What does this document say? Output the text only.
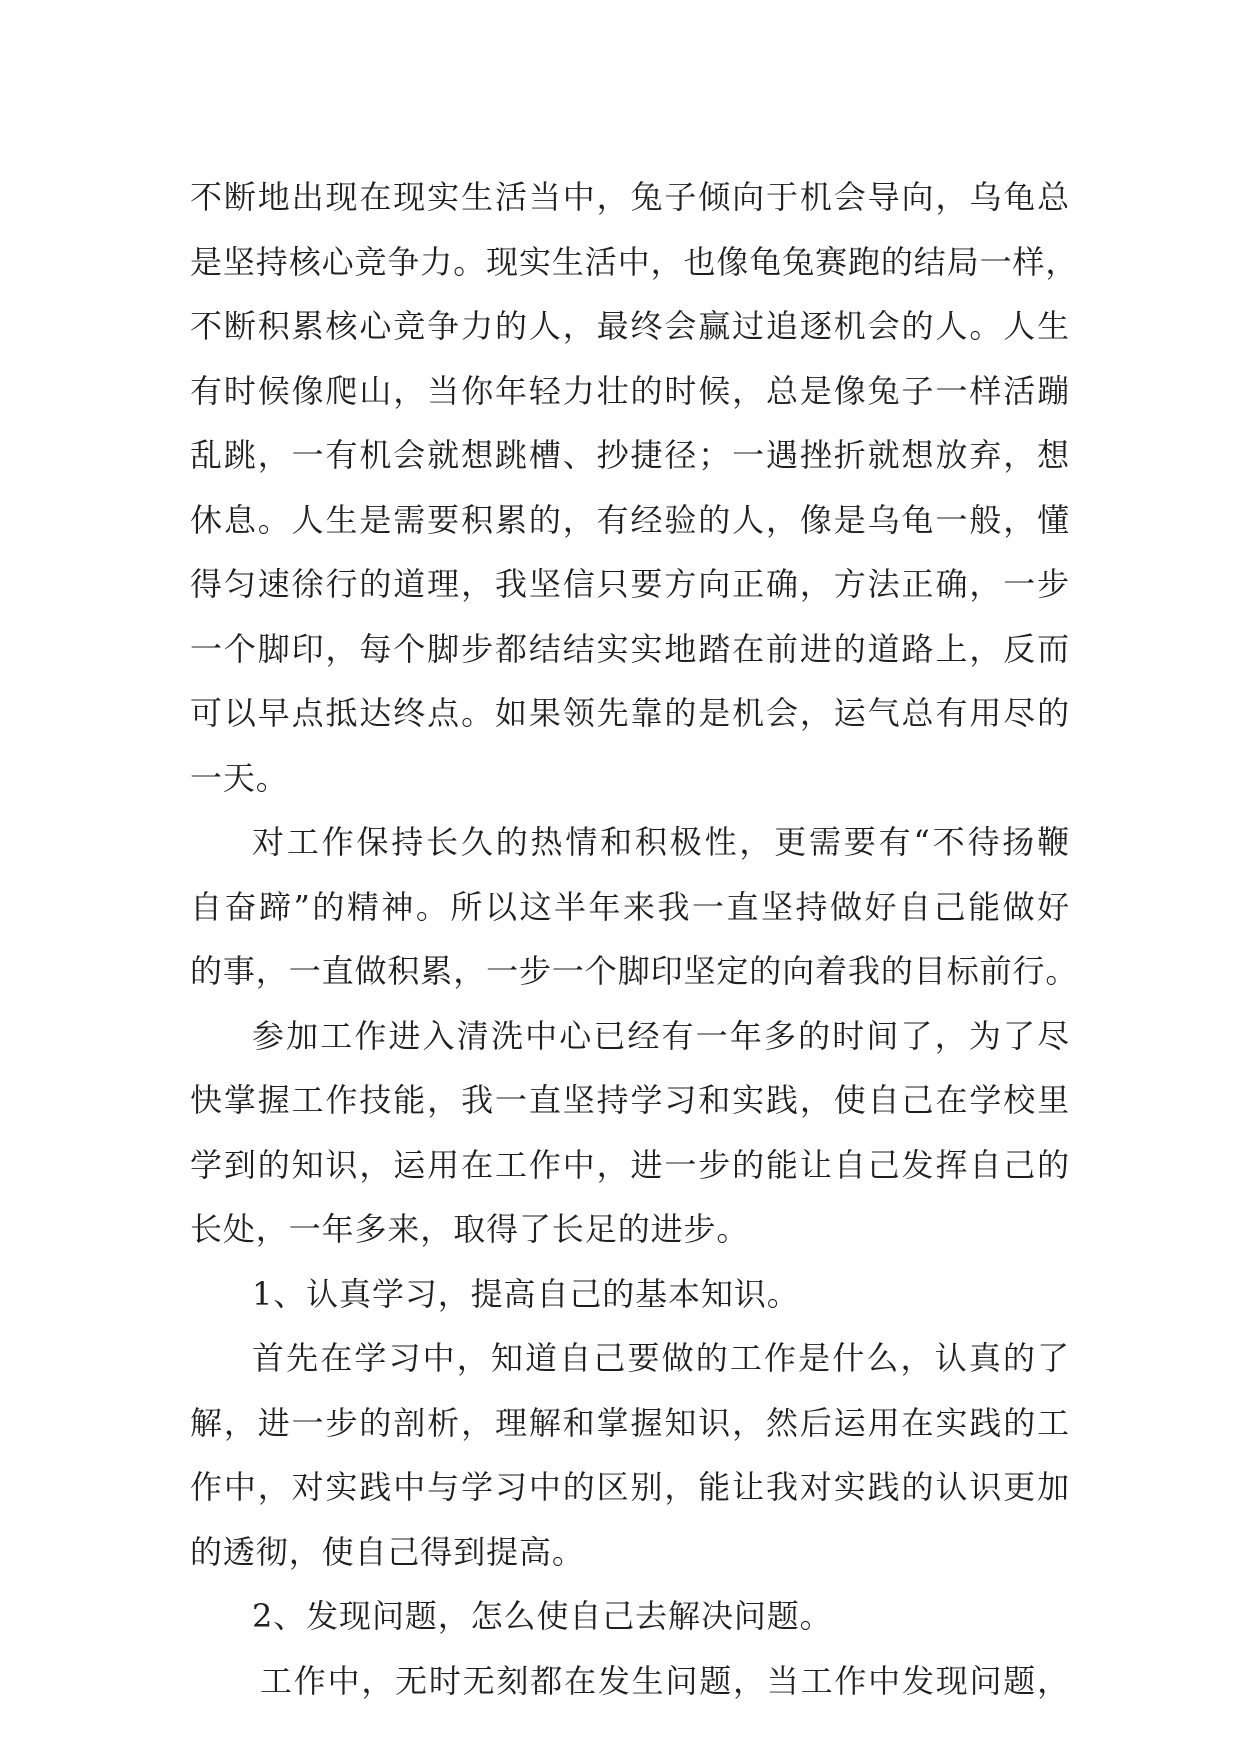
不断地出现在现实生活当中，兔子倾向于机会导向，乌龟总
是坚持核心竞争力。现实生活中，也像龟兔赛跑的结局一样，
不断积累核心竞争力的人，最终会赢过追逐机会的人。人生
有时候像爬山，当你年轻力壮的时候，总是像兔子一样活蹦
乱跳，一有机会就想跳槽、抄捷径；一遇挫折就想放弃，想
休息。人生是需要积累的，有经验的人，像是乌龟一般，懂
得匀速徐行的道理，我坚信只要方向正确，方法正确，一步
一个脚印，每个脚步都结结实实地踏在前进的道路上，反而
可以早点抵达终点。如果领先靠的是机会，运气总有用尽的
一天。
对工作保持长久的热情和积极性，更需要有“不待扬鞭
自奋蹄”的精神。所以这半年来我一直坚持做好自己能做好
的事，一直做积累，一步一个脚印坚定的向着我的目标前行。
参加工作进入清洗中心已经有一年多的时间了，为了尽
快掌握工作技能，我一直坚持学习和实践，使自己在学校里
学到的知识，运用在工作中，进一步的能让自己发挥自己的
长处，一年多来，取得了长足的进步。
1、认真学习，提高自己的基本知识。
首先在学习中，知道自己要做的工作是什么，认真的了
解，进一步的剖析，理解和掌握知识，然后运用在实践的工
作中，对实践中与学习中的区别，能让我对实践的认识更加
的透彻，使自己得到提高。
2、发现问题，怎么使自己去解决问题。
工作中，无时无刻都在发生问题，当工作中发现问题，
